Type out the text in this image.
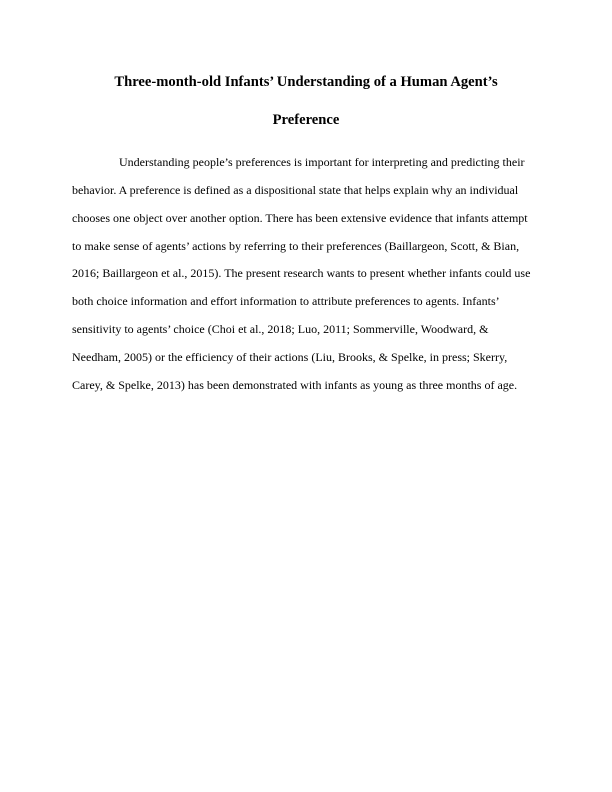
Three-month-old Infants’ Understanding of a Human Agent’s
Preference

Understanding people’s preferences is important for interpreting and predicting their

behavior. A preference is defined as a dispositional state that helps explain why an individual

chooses one object over another option. There has been extensive evidence that infants attempt

to make sense of agents’ actions by referring to their preferences (Baillargeon, Scott, & Bian,

2016; Baillargeon et al., 2015). The present research wants to present whether infants could use

both choice information and effort information to attribute preferences to agents. Infants’

sensitivity to agents’ choice (Choi et al., 2018; Luo, 2011; Sommerville, Woodward, &

Needham, 2005) or the efficiency of their actions (Liu, Brooks, & Spelke, in press; Skerry,

Carey, & Spelke, 2013) has been demonstrated with infants as young as three months of age.
